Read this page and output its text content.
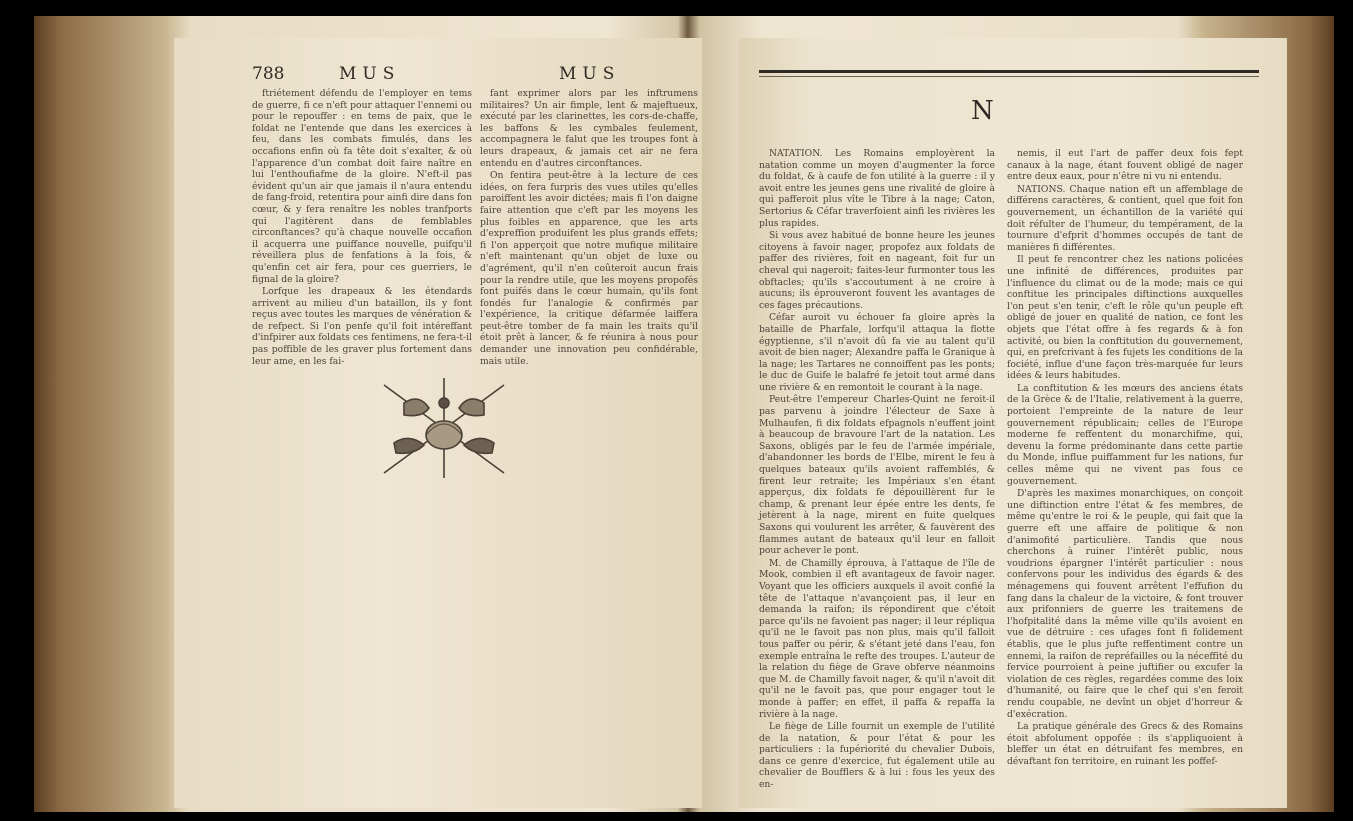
788	MUS	MUS

ftriétement défendu de l'employer en tems de guerre, fi ce n'eft pour attaquer l'ennemi ou pour le repouffer : en tems de paix, que le foldat ne l'entende que dans les exercices à feu, dans les combats fimulés, dans les occafions enfin où fa tête doit s'exalter, & où l'apparence d'un combat doit faire naître en lui l'enthoufiafme de la gloire. N'eft-il pas évident qu'un air que jamais il n'aura entendu de fang-froid, retentira pour ainfi dire dans fon cœur, & y fera renaître les nobles tranfports qui l'agitèrent dans de femblables circonftances? qu'à chaque nouvelle occafion il acquerra une puiffance nouvelle, puifqu'il réveillera plus de fenfations à la fois, & qu'enfin cet air fera, pour ces guerriers, le fignal de la gloire?

Lorfque les drapeaux & les étendards arrivent au milieu d'un bataillon, ils y font reçus avec toutes les marques de vénération & de refpect. Si l'on penfe qu'il foit intéreffant d'infpirer aux foldats ces fentimens, ne fera-t-il pas poffible de les graver plus fortement dans leur ame, en les fai-

fant exprimer alors par les inftrumens militaires? Un air fimple, lent & majeftueux, exécuté par les clarinettes, les cors-de-chaffe, les baffons & les cymbales feulement, accompagnera le falut que les troupes font à leurs drapeaux, & jamais cet air ne fera entendu en d'autres circonftances.

On fentira peut-être à la lecture de ces idées, on fera furpris des vues utiles qu'elles paroiffent les avoir dictées; mais fi l'on daigne faire attention que c'eft par les moyens les plus foibles en apparence, que les arts d'expreffion produifent les plus grands effets; fi l'on apperçoit que notre mufique militaire n'eft maintenant qu'un objet de luxe ou d'agrément, qu'il n'en coûteroit aucun frais pour la rendre utile, que les moyens propofés font puifés dans le cœur humain, qu'ils font fondés fur l'analogie & confirmés par l'expérience, la critique défarmée laiffera peut-être tomber de fa main les traits qu'il étoit prêt à lancer, & fe réunira à nous pour demander une innovation peu confidérable, mais utile.

N

NATATION. Les Romains employèrent la natation comme un moyen d'augmenter la force du foldat, & à caufe de fon utilité à la guerre : il y avoit entre les jeunes gens une rivalité de gloire à qui pafferoit plus vîte le Tibre à la nage; Caton, Sertorius & Céfar traverfoient ainfi les rivières les plus rapides.

Si vous avez habitué de bonne heure les jeunes citoyens à favoir nager, propofez aux foldats de paffer des rivières, foit en nageant, foit fur un cheval qui nageroit; faites-leur furmonter tous les obftacles; qu'ils s'accoutument à ne croire à aucuns; ils éprouveront fouvent les avantages de ces fages précautions.

Céfar auroit vu échouer fa gloire après la bataille de Pharfale, lorfqu'il attaqua la flotte égyptienne, s'il n'avoit dû fa vie au talent qu'il avoit de bien nager; Alexandre paffa le Granique à la nage; les Tartares ne connoiffent pas les ponts; le duc de Guife le balafré fe jetoit tout armé dans une rivière & en remontoit le courant à la nage.

Peut-être l'empereur Charles-Quint ne feroit-il pas parvenu à joindre l'électeur de Saxe à Mulhaufen, fi dix foldats efpagnols n'euffent joint à beaucoup de bravoure l'art de la natation. Les Saxons, obligés par le feu de l'armée impériale, d'abandonner les bords de l'Elbe, mirent le feu à quelques bateaux qu'ils avoient raffemblés, & firent leur retraite; les Impériaux s'en étant apperçus, dix foldats fe dépouillèrent fur le champ, & prenant leur épée entre les dents, fe jetèrent à la nage, mirent en fuite quelques Saxons qui voulurent les arrêter, & fauvèrent des flammes autant de bateaux qu'il leur en falloit pour achever le pont.

M. de Chamilly éprouva, à l'attaque de l'île de Mook, combien il eft avantageux de favoir nager. Voyant que les officiers auxquels il avoit confié la tête de l'attaque n'avançoient pas, il leur en demanda la raifon; ils répondirent que c'étoit parce qu'ils ne favoient pas nager; il leur répliqua qu'il ne le favoit pas non plus, mais qu'il falloit tous paffer ou périr, & s'étant jeté dans l'eau, fon exemple entraîna le refte des troupes. L'auteur de la relation du fiège de Grave obferve néanmoins que M. de Chamilly favoit nager, & qu'il n'avoit dit qu'il ne le favoit pas, que pour engager tout le monde à paffer; en effet, il paffa & repaffa la rivière à la nage.

Le fiège de Lille fournit un exemple de l'utilité de la natation, & pour l'état & pour les particuliers : la fupériorité du chevalier Dubois, dans ce genre d'exercice, fut également utile au chevalier de Boufflers & à lui : fous les yeux des en-

nemis, il eut l'art de paffer deux fois fept canaux à la nage, étant fouvent obligé de nager entre deux eaux, pour n'être ni vu ni entendu.

NATIONS. Chaque nation eft un affemblage de différens caractères, & contient, quel que foit fon gouvernement, un échantillon de la variété qui doit réfulter de l'humeur, du tempérament, de la tournure d'efprit d'hommes occupés de tant de manières fi différentes.

Il peut fe rencontrer chez les nations policées une infinité de différences, produites par l'influence du climat ou de la mode; mais ce qui conftitue les principales diftinctions auxquelles l'on peut s'en tenir, c'eft le rôle qu'un peuple eft obligé de jouer en qualité de nation, ce font les objets que l'état offre à fes regards & à fon activité, ou bien la conftitution du gouvernement, qui, en prefcrivant à fes fujets les conditions de la fociété, influe d'une façon très-marquée fur leurs idées & leurs habitudes.

La conftitution & les mœurs des anciens états de la Grèce & de l'Italie, relativement à la guerre, portoient l'empreinte de la nature de leur gouvernement républicain; celles de l'Europe moderne fe reffentent du monarchifme, qui, devenu la forme prédominante dans cette partie du Monde, influe puiffamment fur les nations, fur celles même qui ne vivent pas fous ce gouvernement.

D'après les maximes monarchiques, on conçoit une diftinction entre l'état & fes membres, de même qu'entre le roi & le peuple, qui fait que la guerre eft une affaire de politique & non d'animofité particulière. Tandis que nous cherchons à ruiner l'intérêt public, nous voudrions épargner l'intérêt particulier : nous confervons pour les individus des égards & des ménagemens qui fouvent arrêtent l'effufion du fang dans la chaleur de la victoire, & font trouver aux prifonniers de guerre les traitemens de l'hofpitalité dans la même ville qu'ils avoient en vue de détruire : ces ufages font fi folidement établis, que le plus jufte reffentiment contre un ennemi, la raifon de repréfailles ou la néceffité du fervice pourroient à peine juftifier ou excufer la violation de ces règles, regardées comme des loix d'humanité, ou faire que le chef qui s'en feroit rendu coupable, ne devînt un objet d'horreur & d'exécration.

La pratique générale des Grecs & des Romains étoit abfolument oppofée : ils s'appliquoient à bleffer un état en détruifant fes membres, en dévaftant fon territoire, en ruinant les poffef-
